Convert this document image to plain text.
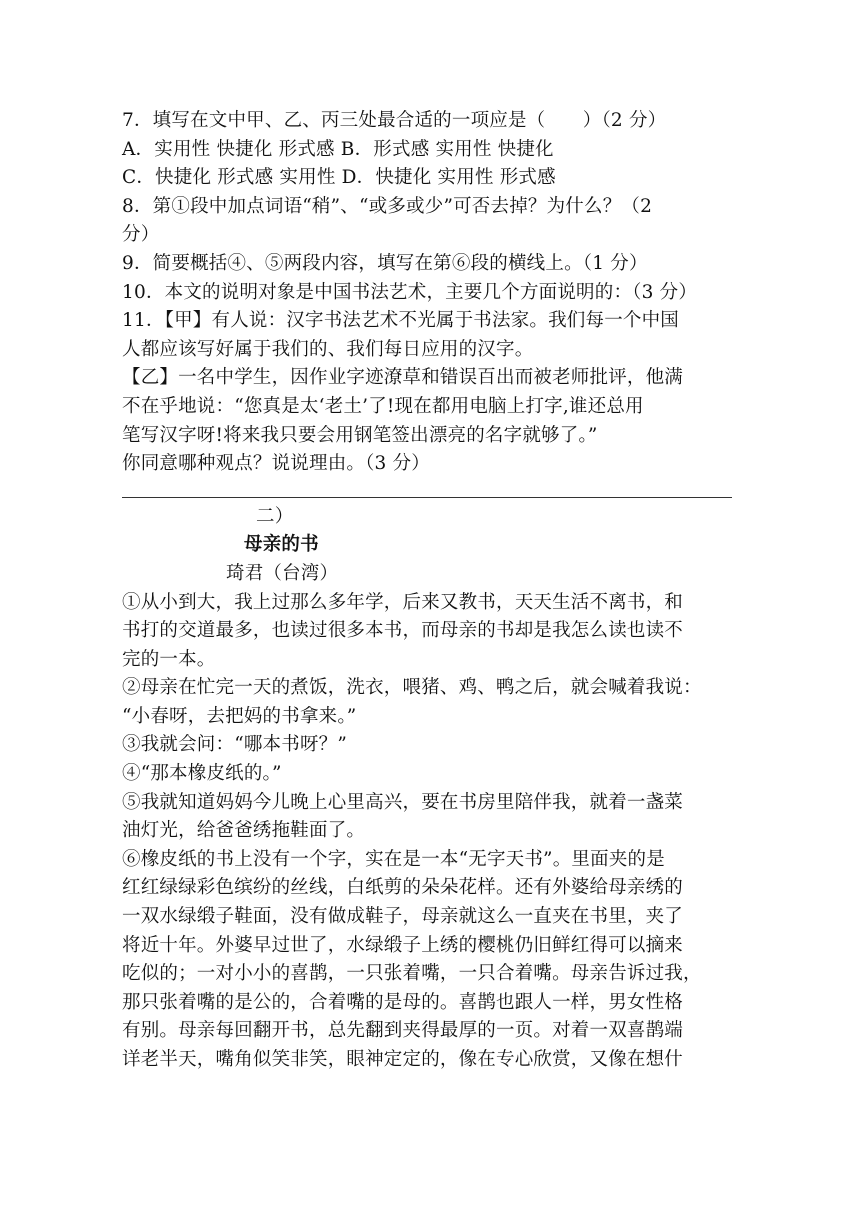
7．填写在文中甲、乙、丙三处最合适的一项应是（　　）（2 分）
A．实用性 快捷化 形式感 B．形式感 实用性 快捷化
C．快捷化 形式感 实用性 D．快捷化 实用性 形式感
8．第①段中加点词语“稍”、“或多或少”可否去掉？为什么？（2
分）
9．简要概括④、⑤两段内容，填写在第⑥段的横线上。（1 分）
10．本文的说明对象是中国书法艺术，主要几个方面说明的：（3 分）
11．【甲】有人说：汉字书法艺术不光属于书法家。我们每一个中国
人都应该写好属于我们的、我们每日应用的汉字。
【乙】一名中学生，因作业字迹潦草和错误百出而被老师批评，他满
不在乎地说：“您真是太‘老土’了!现在都用电脑上打字,谁还总用
笔写汉字呀!将来我只要会用钢笔签出漂亮的名字就够了。”
你同意哪种观点？说说理由。（3 分）
二）
母亲的书
琦君（台湾）
①从小到大，我上过那么多年学，后来又教书，天天生活不离书，和
书打的交道最多，也读过很多本书，而母亲的书却是我怎么读也读不
完的一本。
②母亲在忙完一天的煮饭，洗衣，喂猪、鸡、鸭之后，就会喊着我说：
“小春呀，去把妈的书拿来。”
③我就会问：“哪本书呀？”
④“那本橡皮纸的。”
⑤我就知道妈妈今儿晚上心里高兴，要在书房里陪伴我，就着一盏菜
油灯光，给爸爸绣拖鞋面了。
⑥橡皮纸的书上没有一个字，实在是一本“无字天书”。里面夹的是
红红绿绿彩色缤纷的丝线，白纸剪的朵朵花样。还有外婆给母亲绣的
一双水绿缎子鞋面，没有做成鞋子，母亲就这么一直夹在书里，夹了
将近十年。外婆早过世了，水绿缎子上绣的樱桃仍旧鲜红得可以摘来
吃似的；一对小小的喜鹊，一只张着嘴，一只合着嘴。母亲告诉过我，
那只张着嘴的是公的，合着嘴的是母的。喜鹊也跟人一样，男女性格
有别。母亲每回翻开书，总先翻到夹得最厚的一页。对着一双喜鹊端
详老半天，嘴角似笑非笑，眼神定定的，像在专心欣赏，又像在想什
